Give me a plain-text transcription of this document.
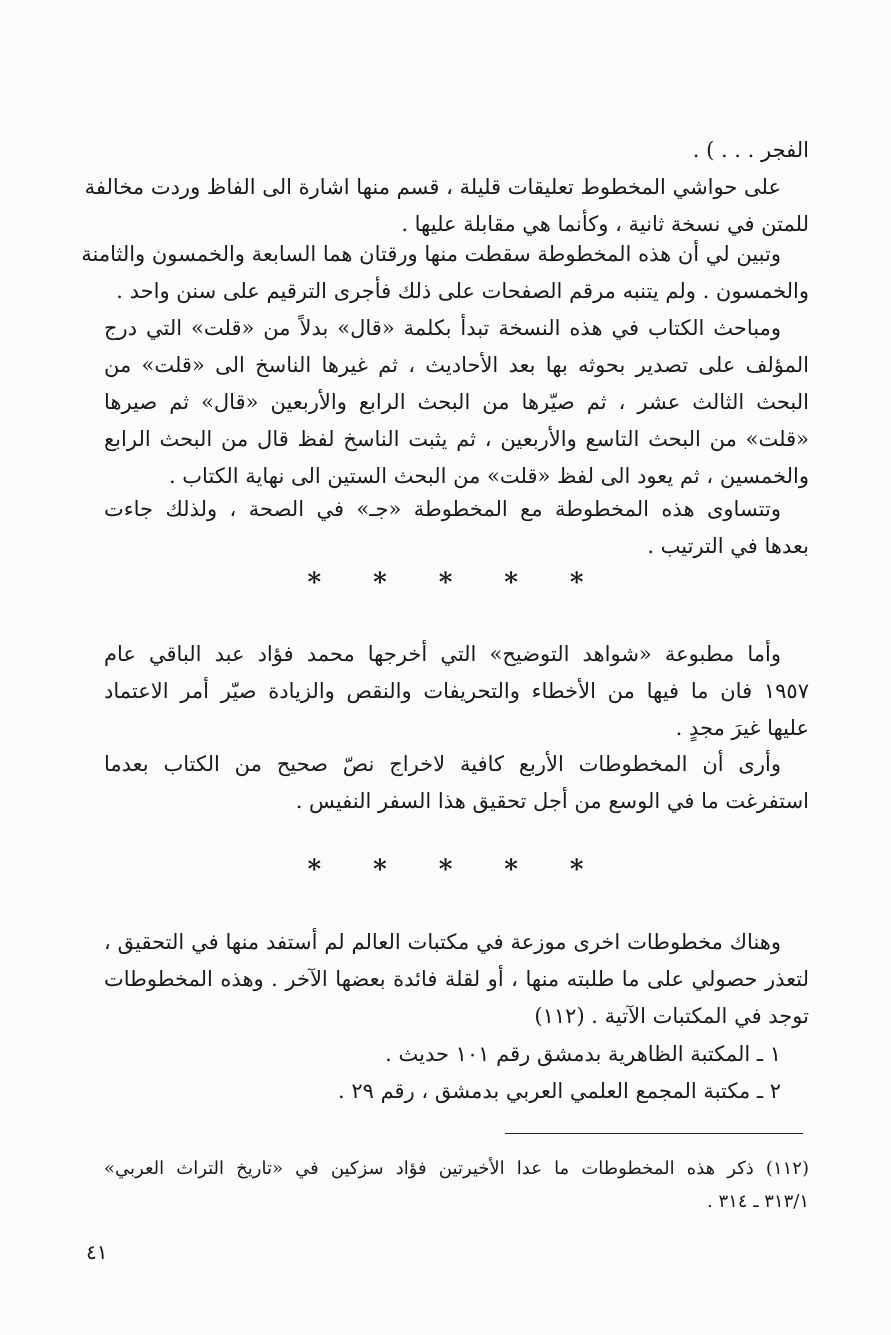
الفجر . . . ) .
على حواشي المخطوط تعليقات قليلة ، قسم منها اشارة الى الفاظ وردت مخالفة
للمتن في نسخة ثانية ، وكأنما هي مقابلة عليها .
وتبين لي أن هذه المخطوطة سقطت منها ورقتان هما السابعة والخمسون والثامنة
والخمسون . ولم يتنبه مرقم الصفحات على ذلك فأجرى الترقيم على سنن واحد .
ومباحث الكتاب في هذه النسخة تبدأ بكلمة «قال» بدلاً من «قلت» التي درج
المؤلف على تصدير بحوثه بها بعد الأحاديث ، ثم غيرها الناسخ الى «قلت» من
البحث الثالث عشر ، ثم صيّرها من البحث الرابع والأربعين «قال» ثم صيرها
«قلت» من البحث التاسع والأربعين ، ثم يثبت الناسخ لفظ قال من البحث الرابع
والخمسين ، ثم يعود الى لفظ «قلت» من البحث الستين الى نهاية الكتاب .
وتتساوى هذه المخطوطة مع المخطوطة «جـ» في الصحة ، ولذلك جاءت
بعدها في الترتيب .
* * * * *
وأما مطبوعة «شواهد التوضيح» التي أخرجها محمد فؤاد عبد الباقي عام
١٩٥٧ فان ما فيها من الأخطاء والتحريفات والنقص والزيادة صيّر أمر الاعتماد
عليها غيرَ مجدٍ .
وأرى أن المخطوطات الأربع كافية لاخراج نصّ صحيح من الكتاب بعدما
استفرغت ما في الوسع من أجل تحقيق هذا السفر النفيس .
* * * * *
وهناك مخطوطات اخرى موزعة في مكتبات العالم لم أستفد منها في التحقيق ،
لتعذر حصولي على ما طلبته منها ، أو لقلة فائدة بعضها الآخر . وهذه المخطوطات
توجد في المكتبات الآتية . (١١٢)
١ ـ المكتبة الظاهرية بدمشق رقم ١٠١ حديث .
٢ ـ مكتبة المجمع العلمي العربي بدمشق ، رقم ٢٩ .
(١١٢) ذكر هذه المخطوطات ما عدا الأخيرتين فؤاد سزكين في «تاريخ التراث العربي»
٣١٣/١ ـ ٣١٤ .
٤١
